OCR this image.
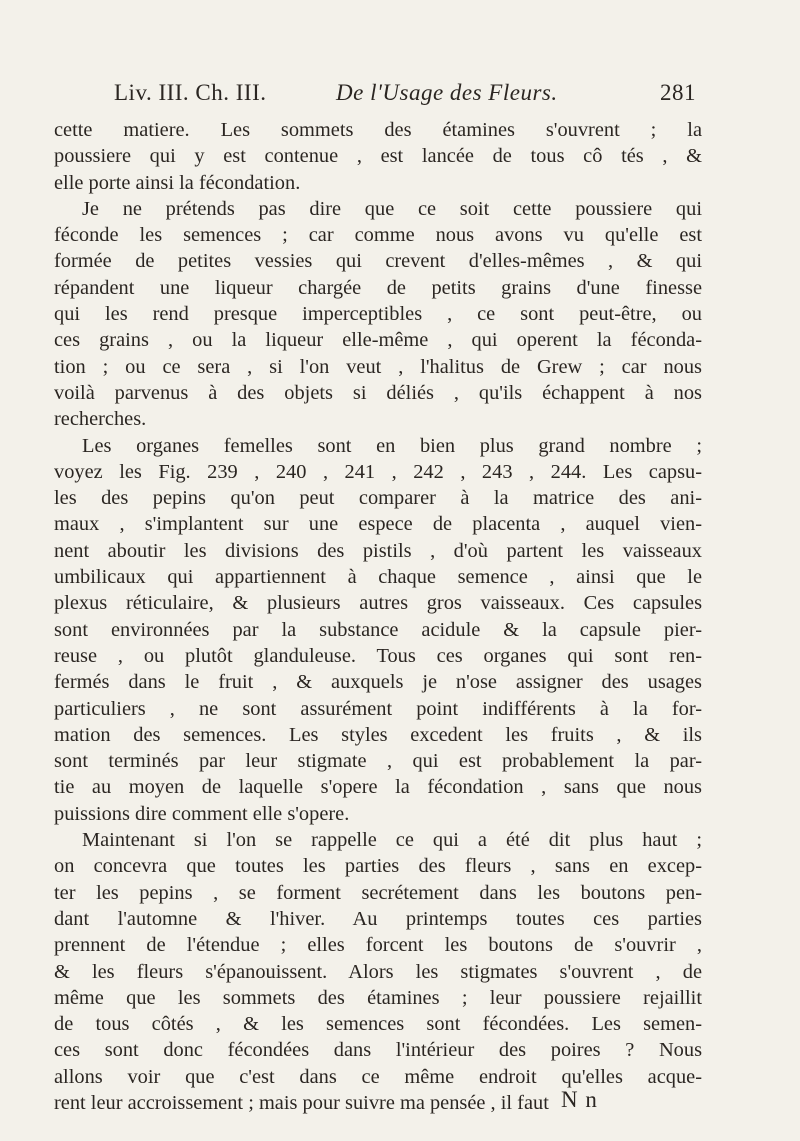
Liv. III. Ch. III.	De l'Usage des Fleurs.	281
cette matiere. Les sommets des étamines s'ouvrent ; la
poussiere qui y est contenue , est lancée de tous cô tés , &
elle porte ainsi la fécondation.
Je ne prétends pas dire que ce soit cette poussiere qui
féconde les semences ; car comme nous avons vu qu'elle est
formée de petites vessies qui crevent d'elles-mêmes , & qui
répandent une liqueur chargée de petits grains d'une finesse
qui les rend presque imperceptibles , ce sont peut-être, ou
ces grains , ou la liqueur elle-même , qui operent la féconda-
tion ; ou ce sera , si l'on veut , l'halitus de Grew ; car nous
voilà parvenus à des objets si déliés , qu'ils échappent à nos
recherches.
Les organes femelles sont en bien plus grand nombre ;
voyez les Fig. 239 , 240 , 241 , 242 , 243 , 244. Les capsu-
les des pepins qu'on peut comparer à la matrice des ani-
maux , s'implantent sur une espece de placenta , auquel vien-
nent aboutir les divisions des pistils , d'où partent les vaisseaux
umbilicaux qui appartiennent à chaque semence , ainsi que le
plexus réticulaire, & plusieurs autres gros vaisseaux. Ces capsules
sont environnées par la substance acidule & la capsule pier-
reuse , ou plutôt glanduleuse. Tous ces organes qui sont ren-
fermés dans le fruit , & auxquels je n'ose assigner des usages
particuliers , ne sont assurément point indifférents à la for-
mation des semences. Les styles excedent les fruits , & ils
sont terminés par leur stigmate , qui est probablement la par-
tie au moyen de laquelle s'opere la fécondation , sans que nous
puissions dire comment elle s'opere.
Maintenant si l'on se rappelle ce qui a été dit plus haut ;
on concevra que toutes les parties des fleurs , sans en excep-
ter les pepins , se forment secrétement dans les boutons pen-
dant l'automne & l'hiver. Au printemps toutes ces parties
prennent de l'étendue ; elles forcent les boutons de s'ouvrir ,
& les fleurs s'épanouissent. Alors les stigmates s'ouvrent , de
même que les sommets des étamines ; leur poussiere rejaillit
de tous côtés , & les semences sont fécondées. Les semen-
ces sont donc fécondées dans l'intérieur des poires ? Nous
allons voir que c'est dans ce même endroit qu'elles acque-
rent leur accroissement ; mais pour suivre ma pensée , il faut N n
